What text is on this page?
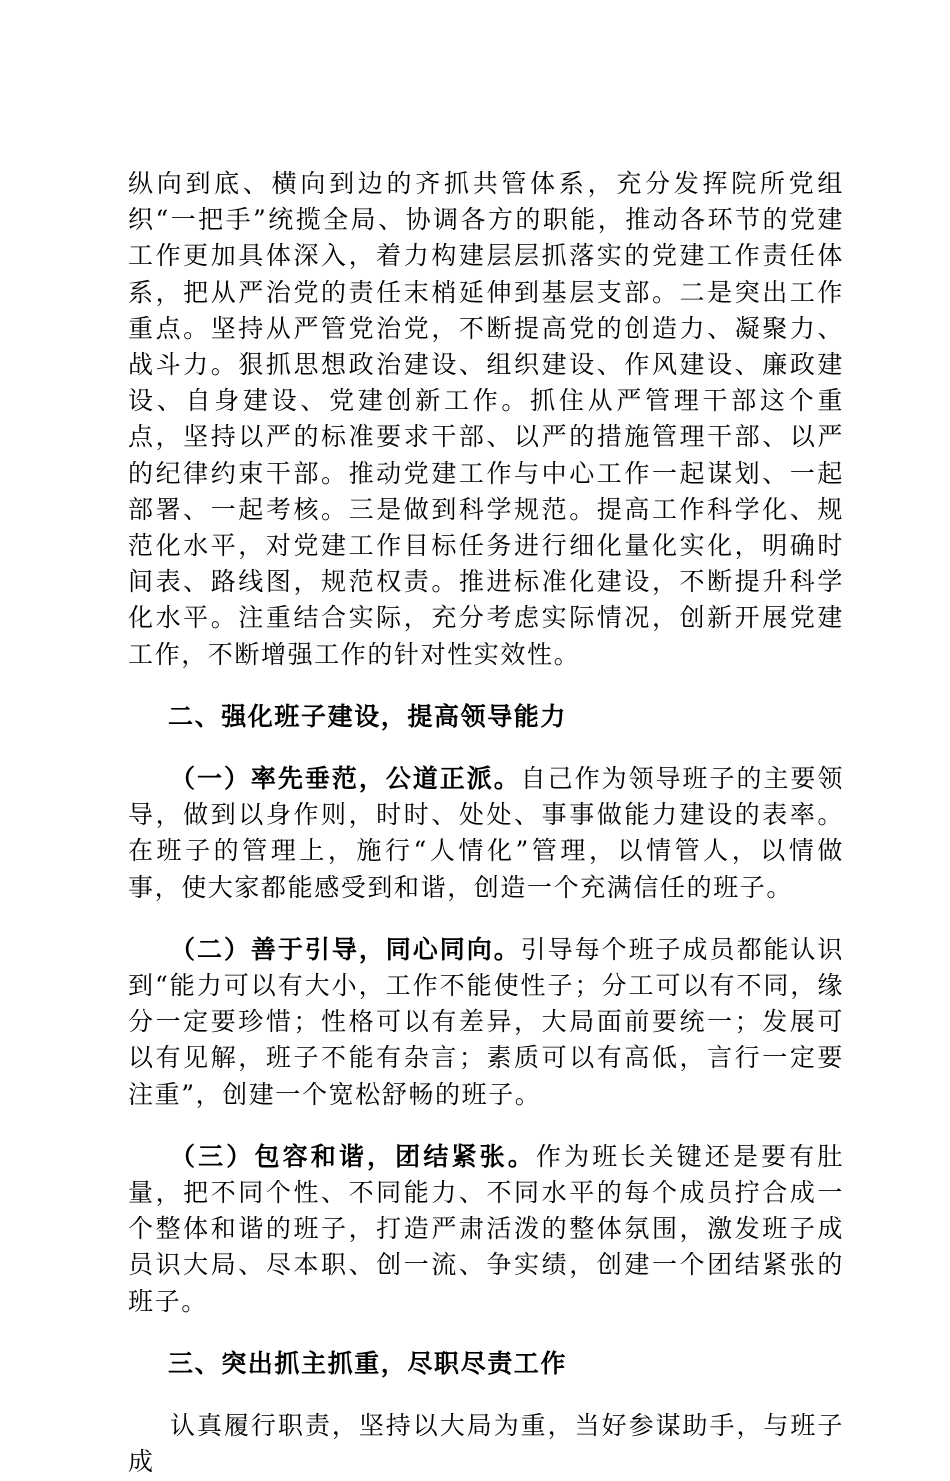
纵向到底、横向到边的齐抓共管体系，充分发挥院所党组织“一把手”统揽全局、协调各方的职能，推动各环节的党建工作更加具体深入，着力构建层层抓落实的党建工作责任体系，把从严治党的责任末梢延伸到基层支部。二是突出工作重点。坚持从严管党治党，不断提高党的创造力、凝聚力、战斗力。狠抓思想政治建设、组织建设、作风建设、廉政建设、自身建设、党建创新工作。抓住从严管理干部这个重点，坚持以严的标准要求干部、以严的措施管理干部、以严的纪律约束干部。推动党建工作与中心工作一起谋划、一起部署、一起考核。三是做到科学规范。提高工作科学化、规范化水平，对党建工作目标任务进行细化量化实化，明确时间表、路线图，规范权责。推进标准化建设，不断提升科学化水平。注重结合实际，充分考虑实际情况，创新开展党建工作，不断增强工作的针对性实效性。

二、强化班子建设，提高领导能力

（一）率先垂范，公道正派。自己作为领导班子的主要领导，做到以身作则，时时、处处、事事做能力建设的表率。在班子的管理上，施行“人情化”管理，以情管人，以情做事，使大家都能感受到和谐，创造一个充满信任的班子。

（二）善于引导，同心同向。引导每个班子成员都能认识到“能力可以有大小，工作不能使性子；分工可以有不同，缘分一定要珍惜；性格可以有差异，大局面前要统一；发展可以有见解，班子不能有杂言；素质可以有高低，言行一定要注重”，创建一个宽松舒畅的班子。

（三）包容和谐，团结紧张。作为班长关键还是要有肚量，把不同个性、不同能力、不同水平的每个成员拧合成一个整体和谐的班子，打造严肃活泼的整体氛围，激发班子成员识大局、尽本职、创一流、争实绩，创建一个团结紧张的班子。

三、突出抓主抓重，尽职尽责工作

认真履行职责，坚持以大局为重，当好参谋助手，与班子成
